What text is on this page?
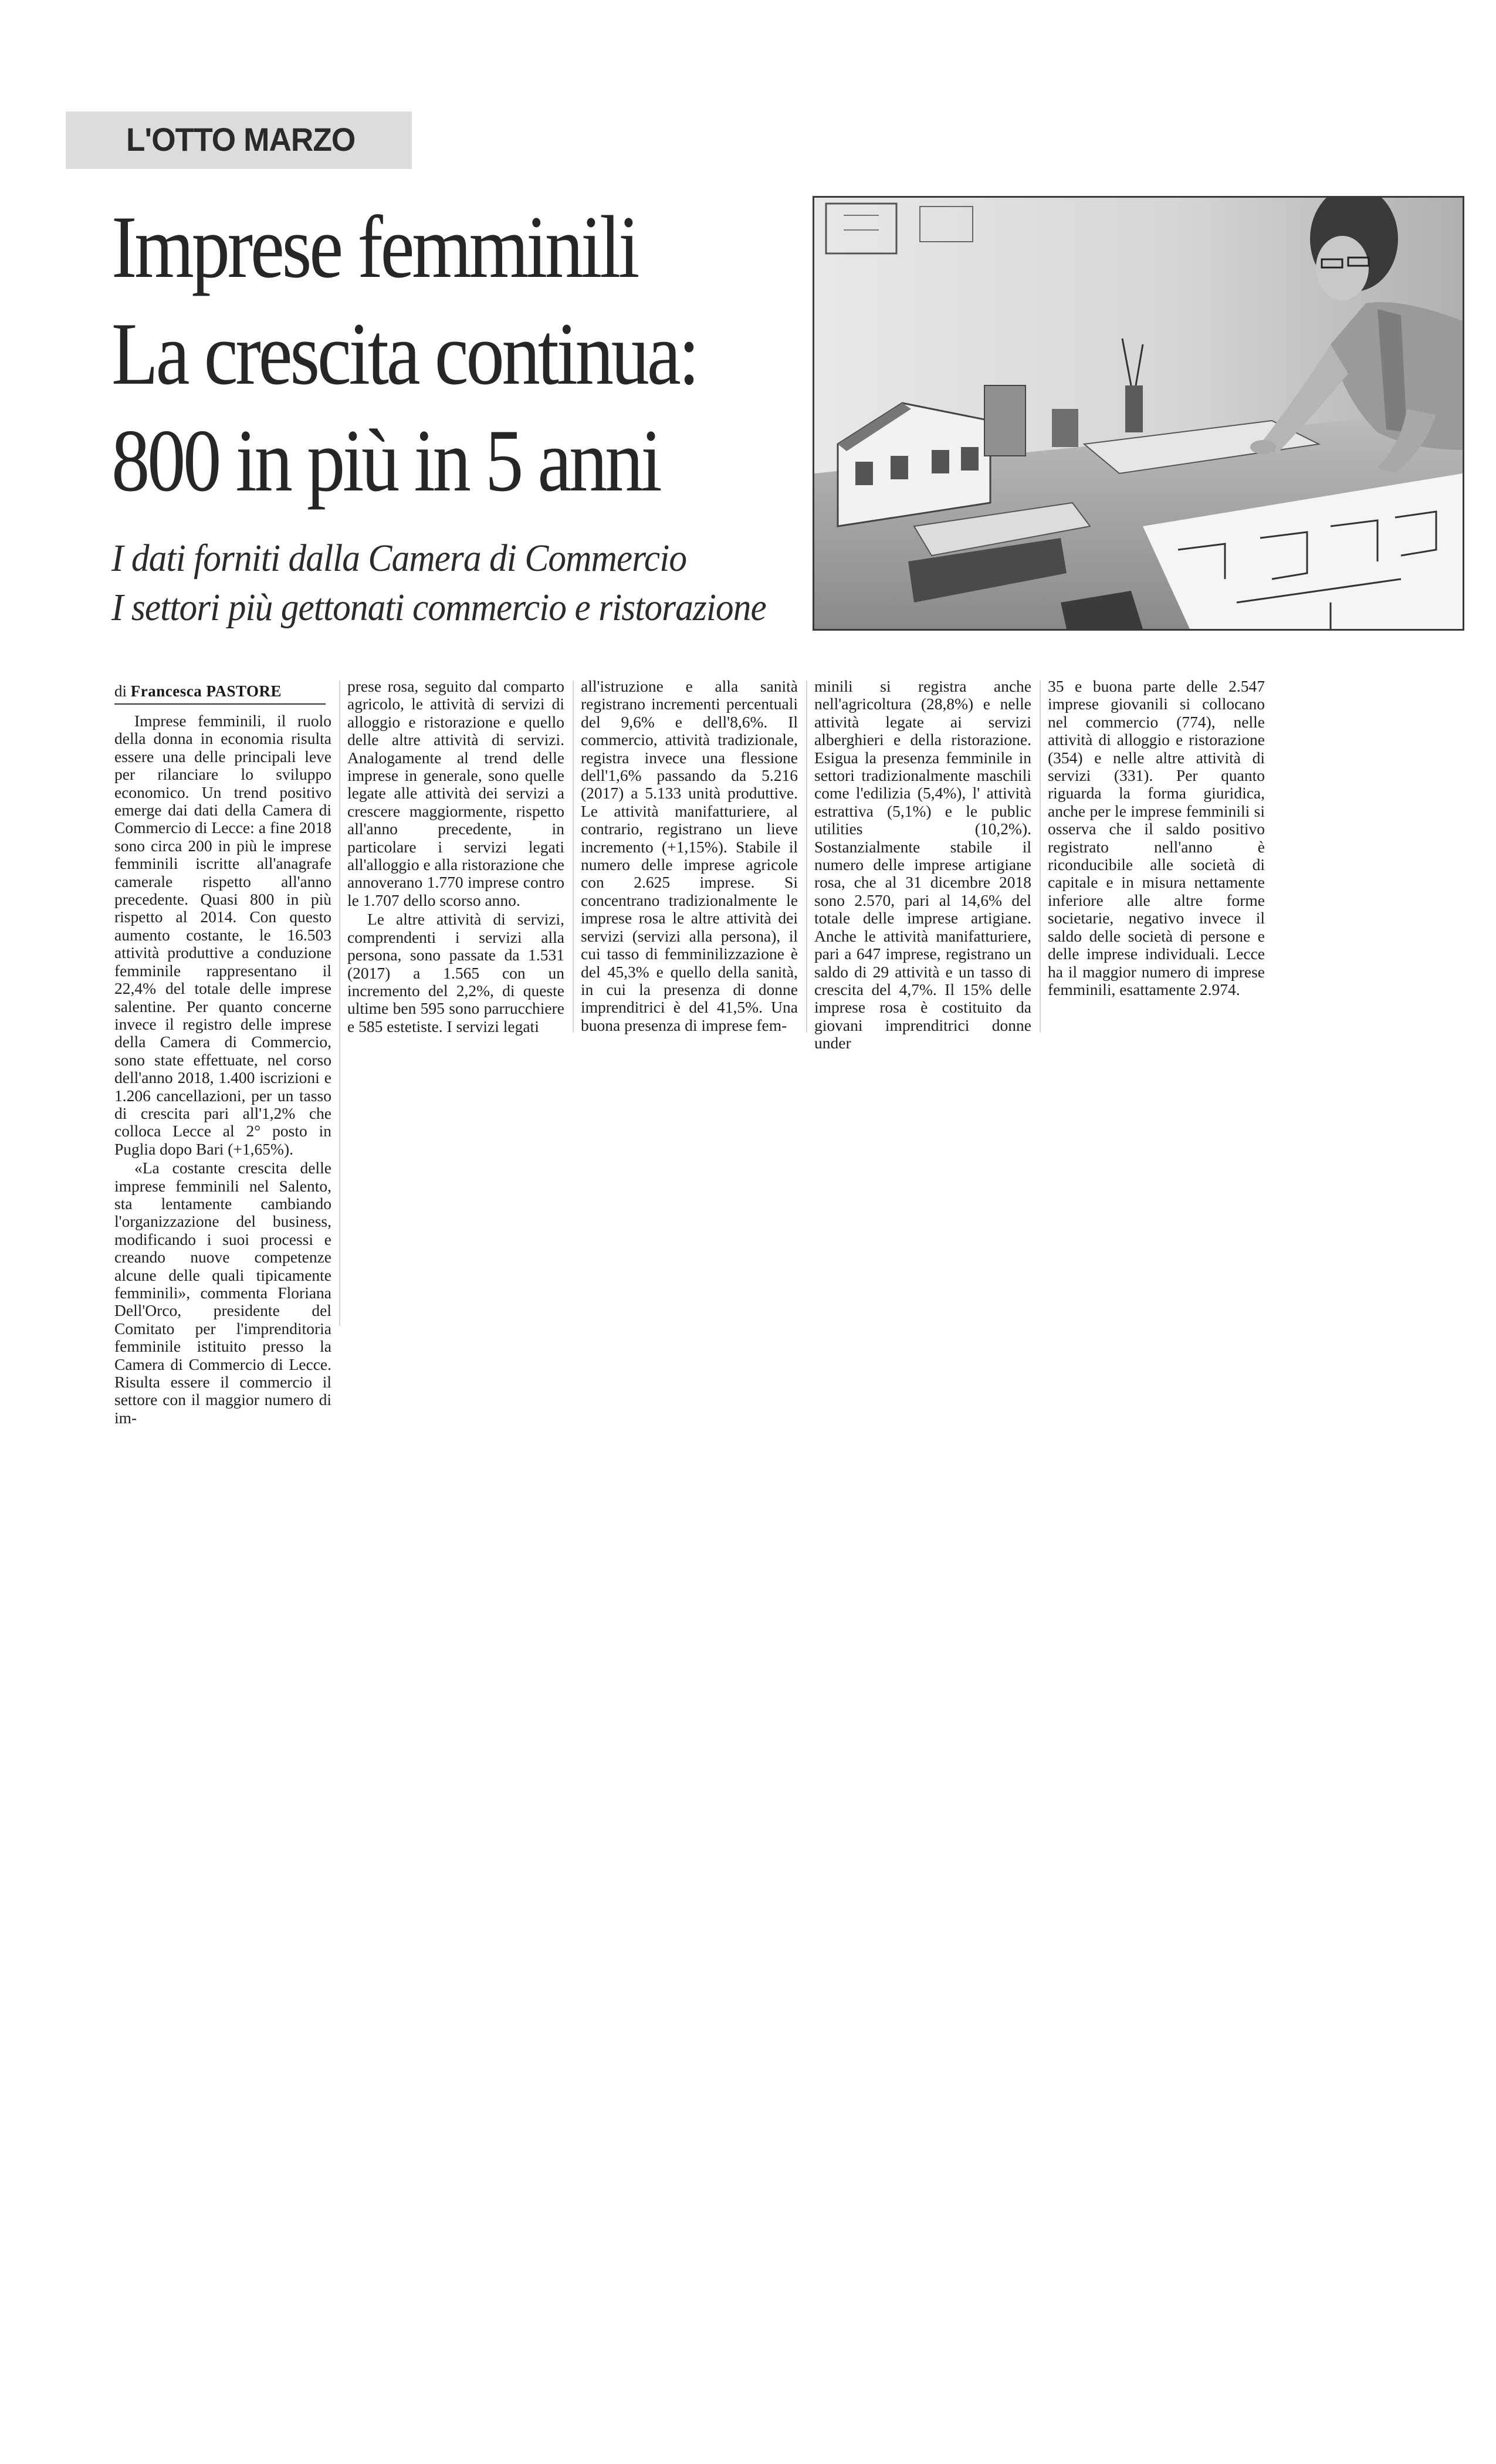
L'OTTO MARZO
Imprese femminili
La crescita continua:
800 in più in 5 anni
I dati forniti dalla Camera di Commercio
I settori più gettonati commercio e ristorazione
di Francesca PASTORE

Imprese femminili, il ruolo della donna in economia risulta essere una delle principali leve per rilanciare lo sviluppo economico. Un trend positivo emerge dai dati della Camera di Commercio di Lecce: a fine 2018 sono circa 200 in più le imprese femminili iscritte all'anagrafe camerale rispetto all'anno precedente. Quasi 800 in più rispetto al 2014. Con questo aumento costante, le 16.503 attività produttive a conduzione femminile rappresentano il 22,4% del totale delle imprese salentine. Per quanto concerne invece il registro delle imprese della Camera di Commercio, sono state effettuate, nel corso dell'anno 2018, 1.400 iscrizioni e 1.206 cancellazioni, per un tasso di crescita pari all'1,2% che colloca Lecce al 2° posto in Puglia dopo Bari (+1,65%).

«La costante crescita delle imprese femminili nel Salento, sta lentamente cambiando l'organizzazione del business, modificando i suoi processi e creando nuove competenze alcune delle quali tipicamente femminili», commenta Floriana Dell'Orco, presidente del Comitato per l'imprenditoria femminile istituito presso la Camera di Commercio di Lecce. Risulta essere il commercio il settore con il maggior numero di im-

prese rosa, seguito dal comparto agricolo, le attività di servizi di alloggio e ristorazione e quello delle altre attività di servizi. Analogamente al trend delle imprese in generale, sono quelle legate alle attività dei servizi a crescere maggiormente, rispetto all'anno precedente, in particolare i servizi legati all'alloggio e alla ristorazione che annoverano 1.770 imprese contro le 1.707 dello scorso anno.

Le altre attività di servizi, comprendenti i servizi alla persona, sono passate da 1.531 (2017) a 1.565 con un incremento del 2,2%, di queste ultime ben 595 sono parrucchiere e 585 estetiste. I servizi legati

all'istruzione e alla sanità registrano incrementi percentuali del 9,6% e dell'8,6%. Il commercio, attività tradizionale, registra invece una flessione dell'1,6% passando da 5.216 (2017) a 5.133 unità produttive. Le attività manifatturiere, al contrario, registrano un lieve incremento (+1,15%). Stabile il numero delle imprese agricole con 2.625 imprese. Si concentrano tradizionalmente le imprese rosa le altre attività dei servizi (servizi alla persona), il cui tasso di femminilizzazione è del 45,3% e quello della sanità, in cui la presenza di donne imprenditrici è del 41,5%. Una buona presenza di imprese fem-

minili si registra anche nell'agricoltura (28,8%) e nelle attività legate ai servizi alberghieri e della ristorazione. Esigua la presenza femminile in settori tradizionalmente maschili come l'edilizia (5,4%), l' attività estrattiva (5,1%) e le public utilities (10,2%). Sostanzialmente stabile il numero delle imprese artigiane rosa, che al 31 dicembre 2018 sono 2.570, pari al 14,6% del totale delle imprese artigiane. Anche le attività manifatturiere, pari a 647 imprese, registrano un saldo di 29 attività e un tasso di crescita del 4,7%. Il 15% delle imprese rosa è costituito da giovani imprenditrici donne under

35 e buona parte delle 2.547 imprese giovanili si collocano nel commercio (774), nelle attività di alloggio e ristorazione (354) e nelle altre attività di servizi (331). Per quanto riguarda la forma giuridica, anche per le imprese femminili si osserva che il saldo positivo registrato nell'anno è riconducibile alle società di capitale e in misura nettamente inferiore alle altre forme societarie, negativo invece il saldo delle società di persone e delle imprese individuali. Lecce ha il maggior numero di imprese femminili, esattamente 2.974.
